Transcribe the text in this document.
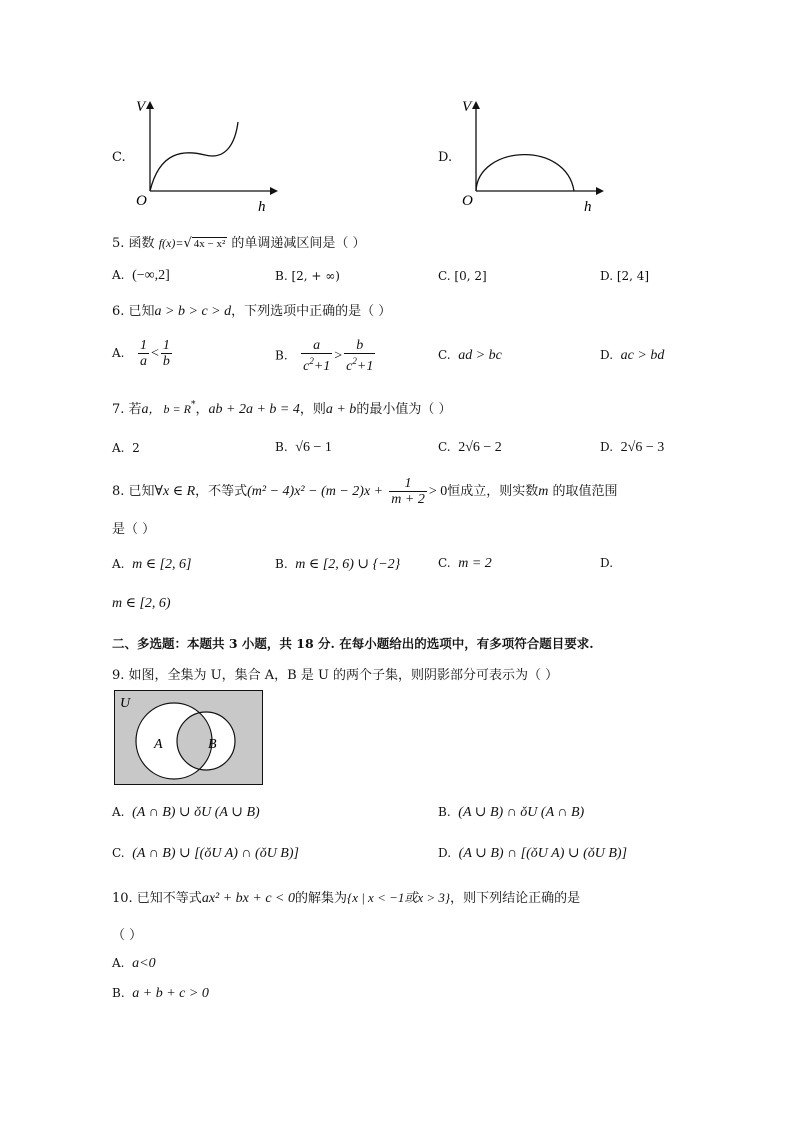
C.
V
O	h
D.
V
O	h
5. 函数 f(x)=√ 4x − x² 的单调递减区间是（ ）
A. (−∞,2]	B. [2, + ∞)	C. [0, 2]	D. [2, 4]
6. 已知a > b > c > d，下列选项中正确的是（ ）
A. $\frac{1}{a} < \frac{1}{b}$	B. $\frac{a}{c^2+1} > \frac{b}{c^2+1}$	C. ad > bc	D. ac > bd
7. 若a， b = R*，ab + 2a + b = 4，则a + b的最小值为（ ）
A. 2	B. √6 − 1	C. 2√6 − 2	D. 2√6 − 3
8. 已知∀x ∈ R，不等式$(m^2 - 4)x^2 - (m - 2)x + \frac{1}{m + 2} > 0$恒成立，则实数m 的取值范围
是（ ）
A. m ∈ [2, 6]	B. m ∈ [2, 6) ∪ {−2}	C. m = 2	D.
m ∈ [2, 6)
二、多选题：本题共 3 小题，共 18 分. 在每小题给出的选项中，有多项符合题目要求.
9. 如图，全集为 U，集合 A，B 是 U 的两个子集，则阴影部分可表示为（ ）
U
A	B
A. (A ∩ B) ∪ ǒU (A ∪ B)	B. (A ∪ B) ∩ ǒU (A ∩ B)
C. (A ∩ B) ∪ [(ǒU A) ∩ (ǒU B)]	D. (A ∪ B) ∩ [(ǒU A) ∪ (ǒU B)]
10. 已知不等式ax² + bx + c < 0的解集为{x | x < −1或x > 3}，则下列结论正确的是
（ ）
A. a<0
B. a + b + c > 0
